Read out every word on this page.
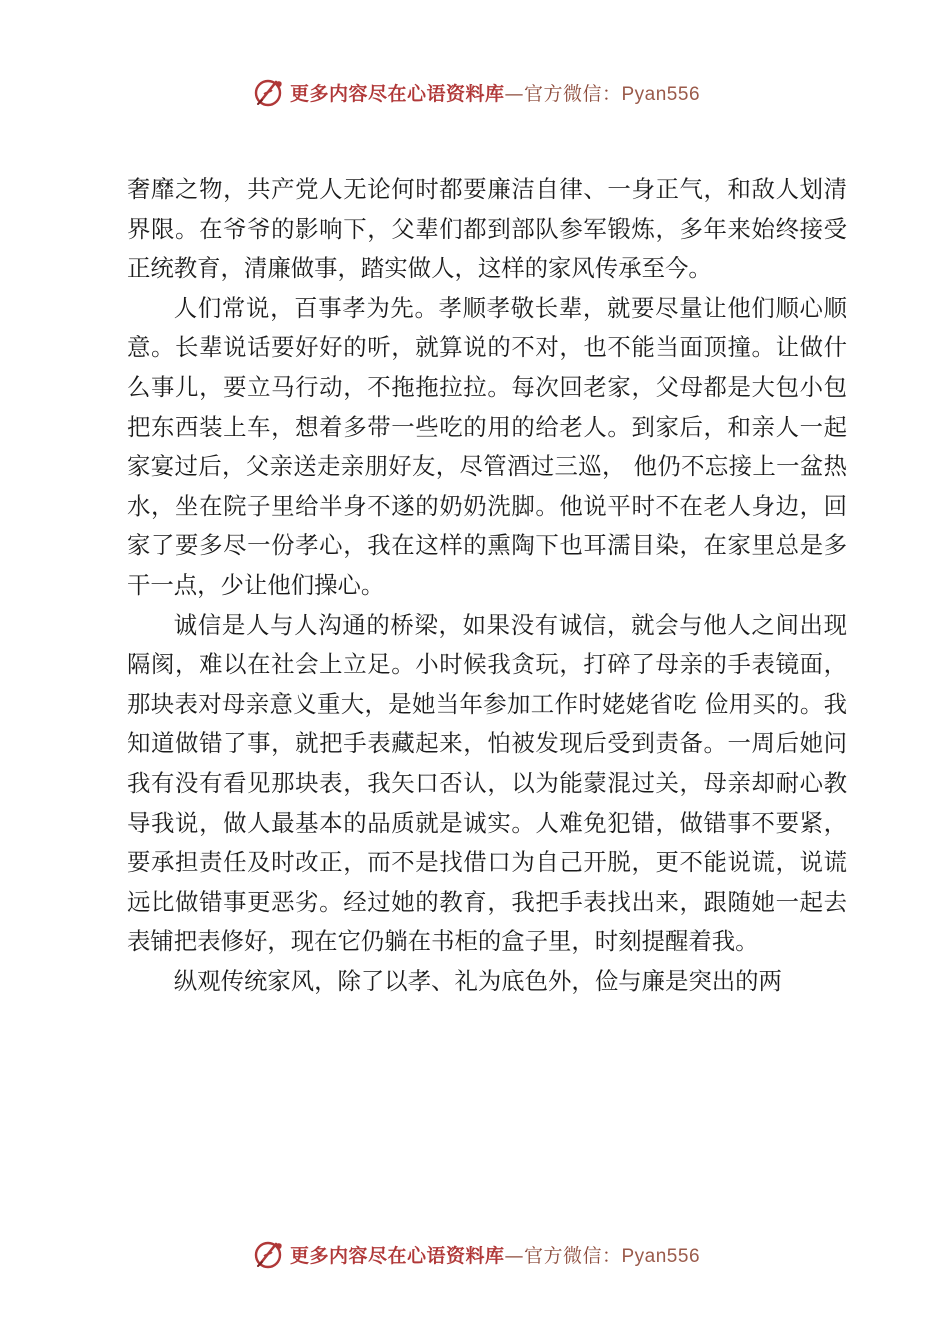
更多内容尽在心语资料库—官方微信：Pyan556

奢靡之物，共产党人无论何时都要廉洁自律、一身正气，和敌人划清界限。在爷爷的影响下，父辈们都到部队参军锻炼，多年来始终接受正统教育，清廉做事，踏实做人，这样的家风传承至今。

人们常说，百事孝为先。孝顺孝敬长辈，就要尽量让他们顺心顺意。长辈说话要好好的听，就算说的不对，也不能当面顶撞。让做什么事儿，要立马行动，不拖拖拉拉。每次回老家，父母都是大包小包把东西装上车，想着多带一些吃的用的给老人。到家后，和亲人一起家宴过后，父亲送走亲朋好友，尽管酒过三巡， 他仍不忘接上一盆热水，坐在院子里给半身不遂的奶奶洗脚。他说平时不在老人身边，回家了要多尽一份孝心，我在这样的熏陶下也耳濡目染，在家里总是多干一点，少让他们操心。

诚信是人与人沟通的桥梁，如果没有诚信，就会与他人之间出现隔阂，难以在社会上立足。小时候我贪玩，打碎了母亲的手表镜面，那块表对母亲意义重大，是她当年参加工作时姥姥省吃 俭用买的。我知道做错了事，就把手表藏起来，怕被发现后受到责备。一周后她问我有没有看见那块表，我矢口否认，以为能蒙混过关，母亲却耐心教导我说，做人最基本的品质就是诚实。人难免犯错，做错事不要紧，要承担责任及时改正，而不是找借口为自己开脱，更不能说谎，说谎远比做错事更恶劣。经过她的教育，我把手表找出来，跟随她一起去表铺把表修好，现在它仍躺在书柜的盒子里，时刻提醒着我。

纵观传统家风，除了以孝、礼为底色外，俭与廉是突出的两

更多内容尽在心语资料库—官方微信：Pyan556
